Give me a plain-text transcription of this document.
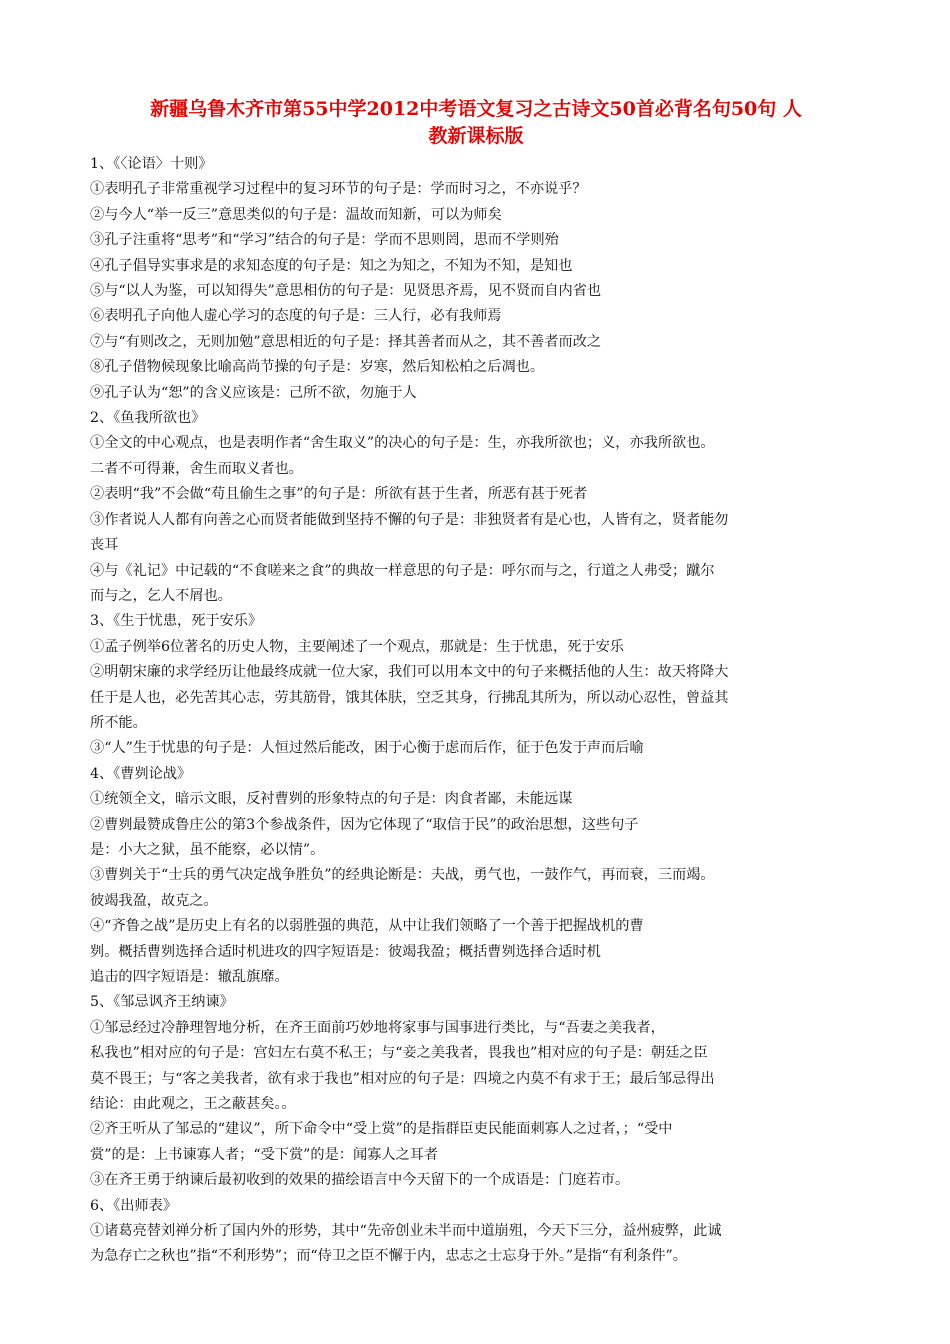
新疆乌鲁木齐市第55中学2012中考语文复习之古诗文50首必背名句50句 人
教新课标版

1、《〈论语〉十则》

①表明孔子非常重视学习过程中的复习环节的句子是：学而时习之，不亦说乎？

②与今人“举一反三”意思类似的句子是：温故而知新，可以为师矣

③孔子注重将“思考”和“学习”结合的句子是：学而不思则罔，思而不学则殆

④孔子倡导实事求是的求知态度的句子是：知之为知之，不知为不知，是知也

⑤与“以人为鉴，可以知得失”意思相仿的句子是：见贤思齐焉，见不贤而自内省也

⑥表明孔子向他人虚心学习的态度的句子是：三人行，必有我师焉

⑦与“有则改之，无则加勉”意思相近的句子是：择其善者而从之，其不善者而改之

⑧孔子借物候现象比喻高尚节操的句子是：岁寒，然后知松柏之后凋也。

⑨孔子认为“恕”的含义应该是：己所不欲，勿施于人

2、《鱼我所欲也》

①全文的中心观点，也是表明作者“舍生取义”的决心的句子是：生，亦我所欲也；义，亦我所欲也。

二者不可得兼，舍生而取义者也。

②表明“我”不会做“苟且偷生之事”的句子是：所欲有甚于生者，所恶有甚于死者

③作者说人人都有向善之心而贤者能做到坚持不懈的句子是：非独贤者有是心也，人皆有之，贤者能勿

丧耳

④与《礼记》中记载的“不食嗟来之食”的典故一样意思的句子是：呼尔而与之，行道之人弗受；蹴尔

而与之，乞人不屑也。

3、《生于忧患，死于安乐》

①孟子例举6位著名的历史人物，主要阐述了一个观点，那就是：生于忧患，死于安乐

②明朝宋廉的求学经历让他最终成就一位大家，我们可以用本文中的句子来概括他的人生：故天将降大

任于是人也，必先苦其心志，劳其筋骨，饿其体肤，空乏其身，行拂乱其所为，所以动心忍性，曾益其

所不能。

③“人”生于忧患的句子是：人恒过然后能改，困于心衡于虑而后作，征于色发于声而后喻

4、《曹刿论战》

①统领全文，暗示文眼，反衬曹刿的形象特点的句子是：肉食者鄙，未能远谋

②曹刿最赞成鲁庄公的第3个参战条件，因为它体现了“取信于民”的政治思想，这些句子

是：小大之狱，虽不能察，必以情”。

③曹刿关于“士兵的勇气决定战争胜负”的经典论断是：夫战，勇气也，一鼓作气，再而衰，三而竭。

彼竭我盈，故克之。

④“齐鲁之战”是历史上有名的以弱胜强的典范，从中让我们领略了一个善于把握战机的曹

刿。概括曹刿选择合适时机进攻的四字短语是：彼竭我盈；概括曹刿选择合适时机

追击的四字短语是：辙乱旗靡。

5、《邹忌讽齐王纳谏》

①邹忌经过冷静理智地分析，在齐王面前巧妙地将家事与国事进行类比，与“吾妻之美我者，

私我也”相对应的句子是：宫妇左右莫不私王；与“妾之美我者，畏我也”相对应的句子是：朝廷之臣

莫不畏王；与“客之美我者，欲有求于我也”相对应的句子是：四境之内莫不有求于王；最后邹忌得出

结论：由此观之，王之蔽甚矣。。

②齐王听从了邹忌的“建议”，所下命令中“受上赏”的是指群臣吏民能面刺寡人之过者，；“受中

赏”的是：上书谏寡人者；“受下赏”的是：闻寡人之耳者

③在齐王勇于纳谏后最初收到的效果的描绘语言中今天留下的一个成语是：门庭若市。

6、《出师表》

①诸葛亮替刘禅分析了国内外的形势，其中“先帝创业未半而中道崩殂，今天下三分，益州疲弊，此诚

为急存亡之秋也”指“不利形势”；而“侍卫之臣不懈于内，忠志之士忘身于外。”是指“有利条件”。
